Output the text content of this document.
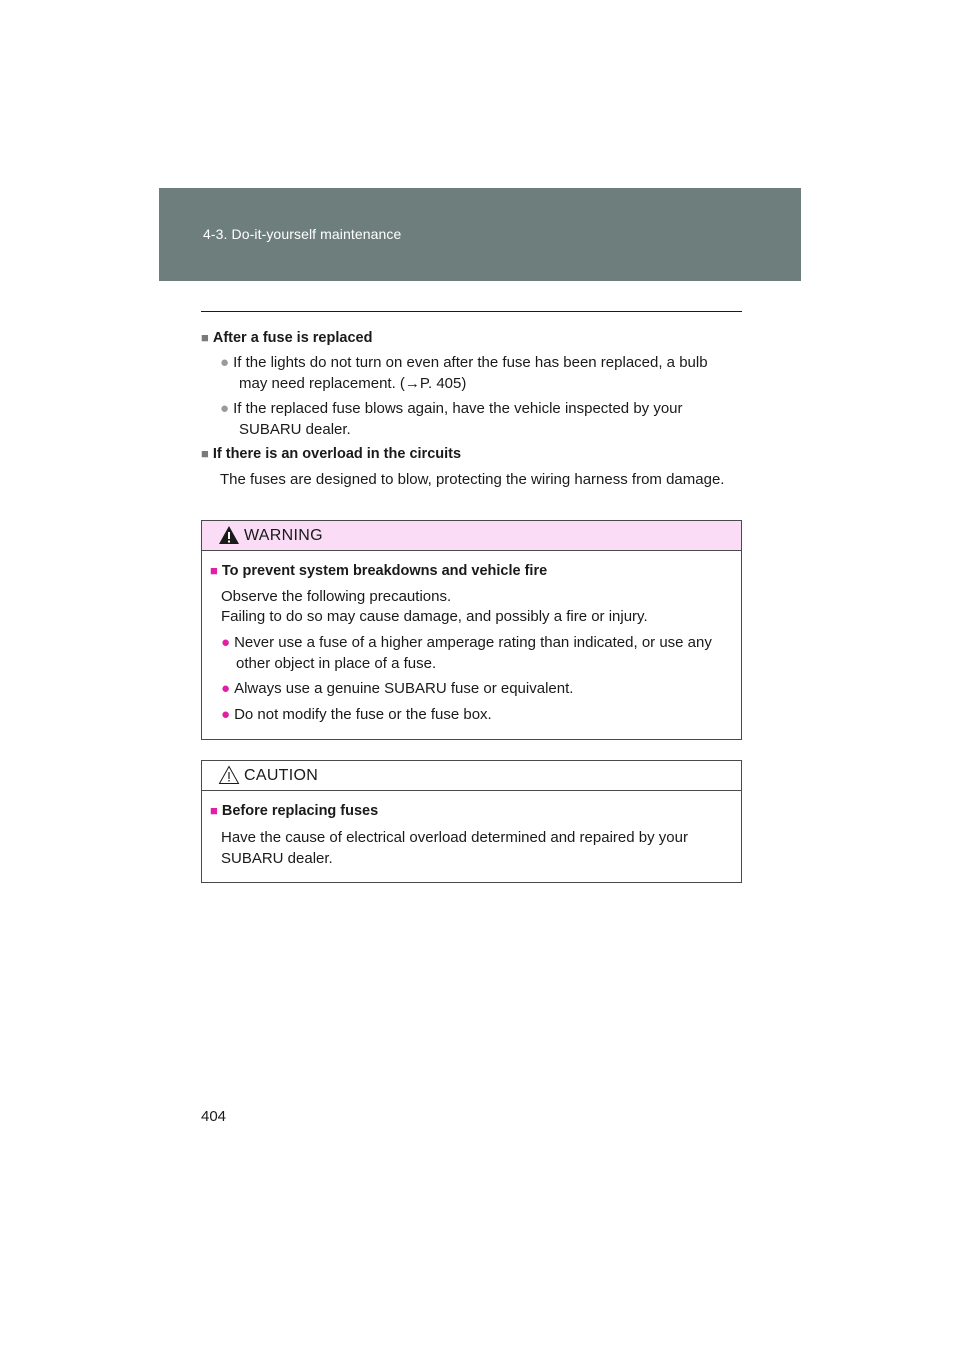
4-3. Do-it-yourself maintenance
■ After a fuse is replaced
● If the lights do not turn on even after the fuse has been replaced, a bulb
may need replacement. (→P. 405)
● If the replaced fuse blows again, have the vehicle inspected by your
SUBARU dealer.
■ If there is an overload in the circuits
The fuses are designed to blow, protecting the wiring harness from damage.
WARNING
■ To prevent system breakdowns and vehicle fire
Observe the following precautions.
Failing to do so may cause damage, and possibly a fire or injury.
● Never use a fuse of a higher amperage rating than indicated, or use any
other object in place of a fuse.
● Always use a genuine SUBARU fuse or equivalent.
● Do not modify the fuse or the fuse box.
CAUTION
■ Before replacing fuses
Have the cause of electrical overload determined and repaired by your
SUBARU dealer.
404
